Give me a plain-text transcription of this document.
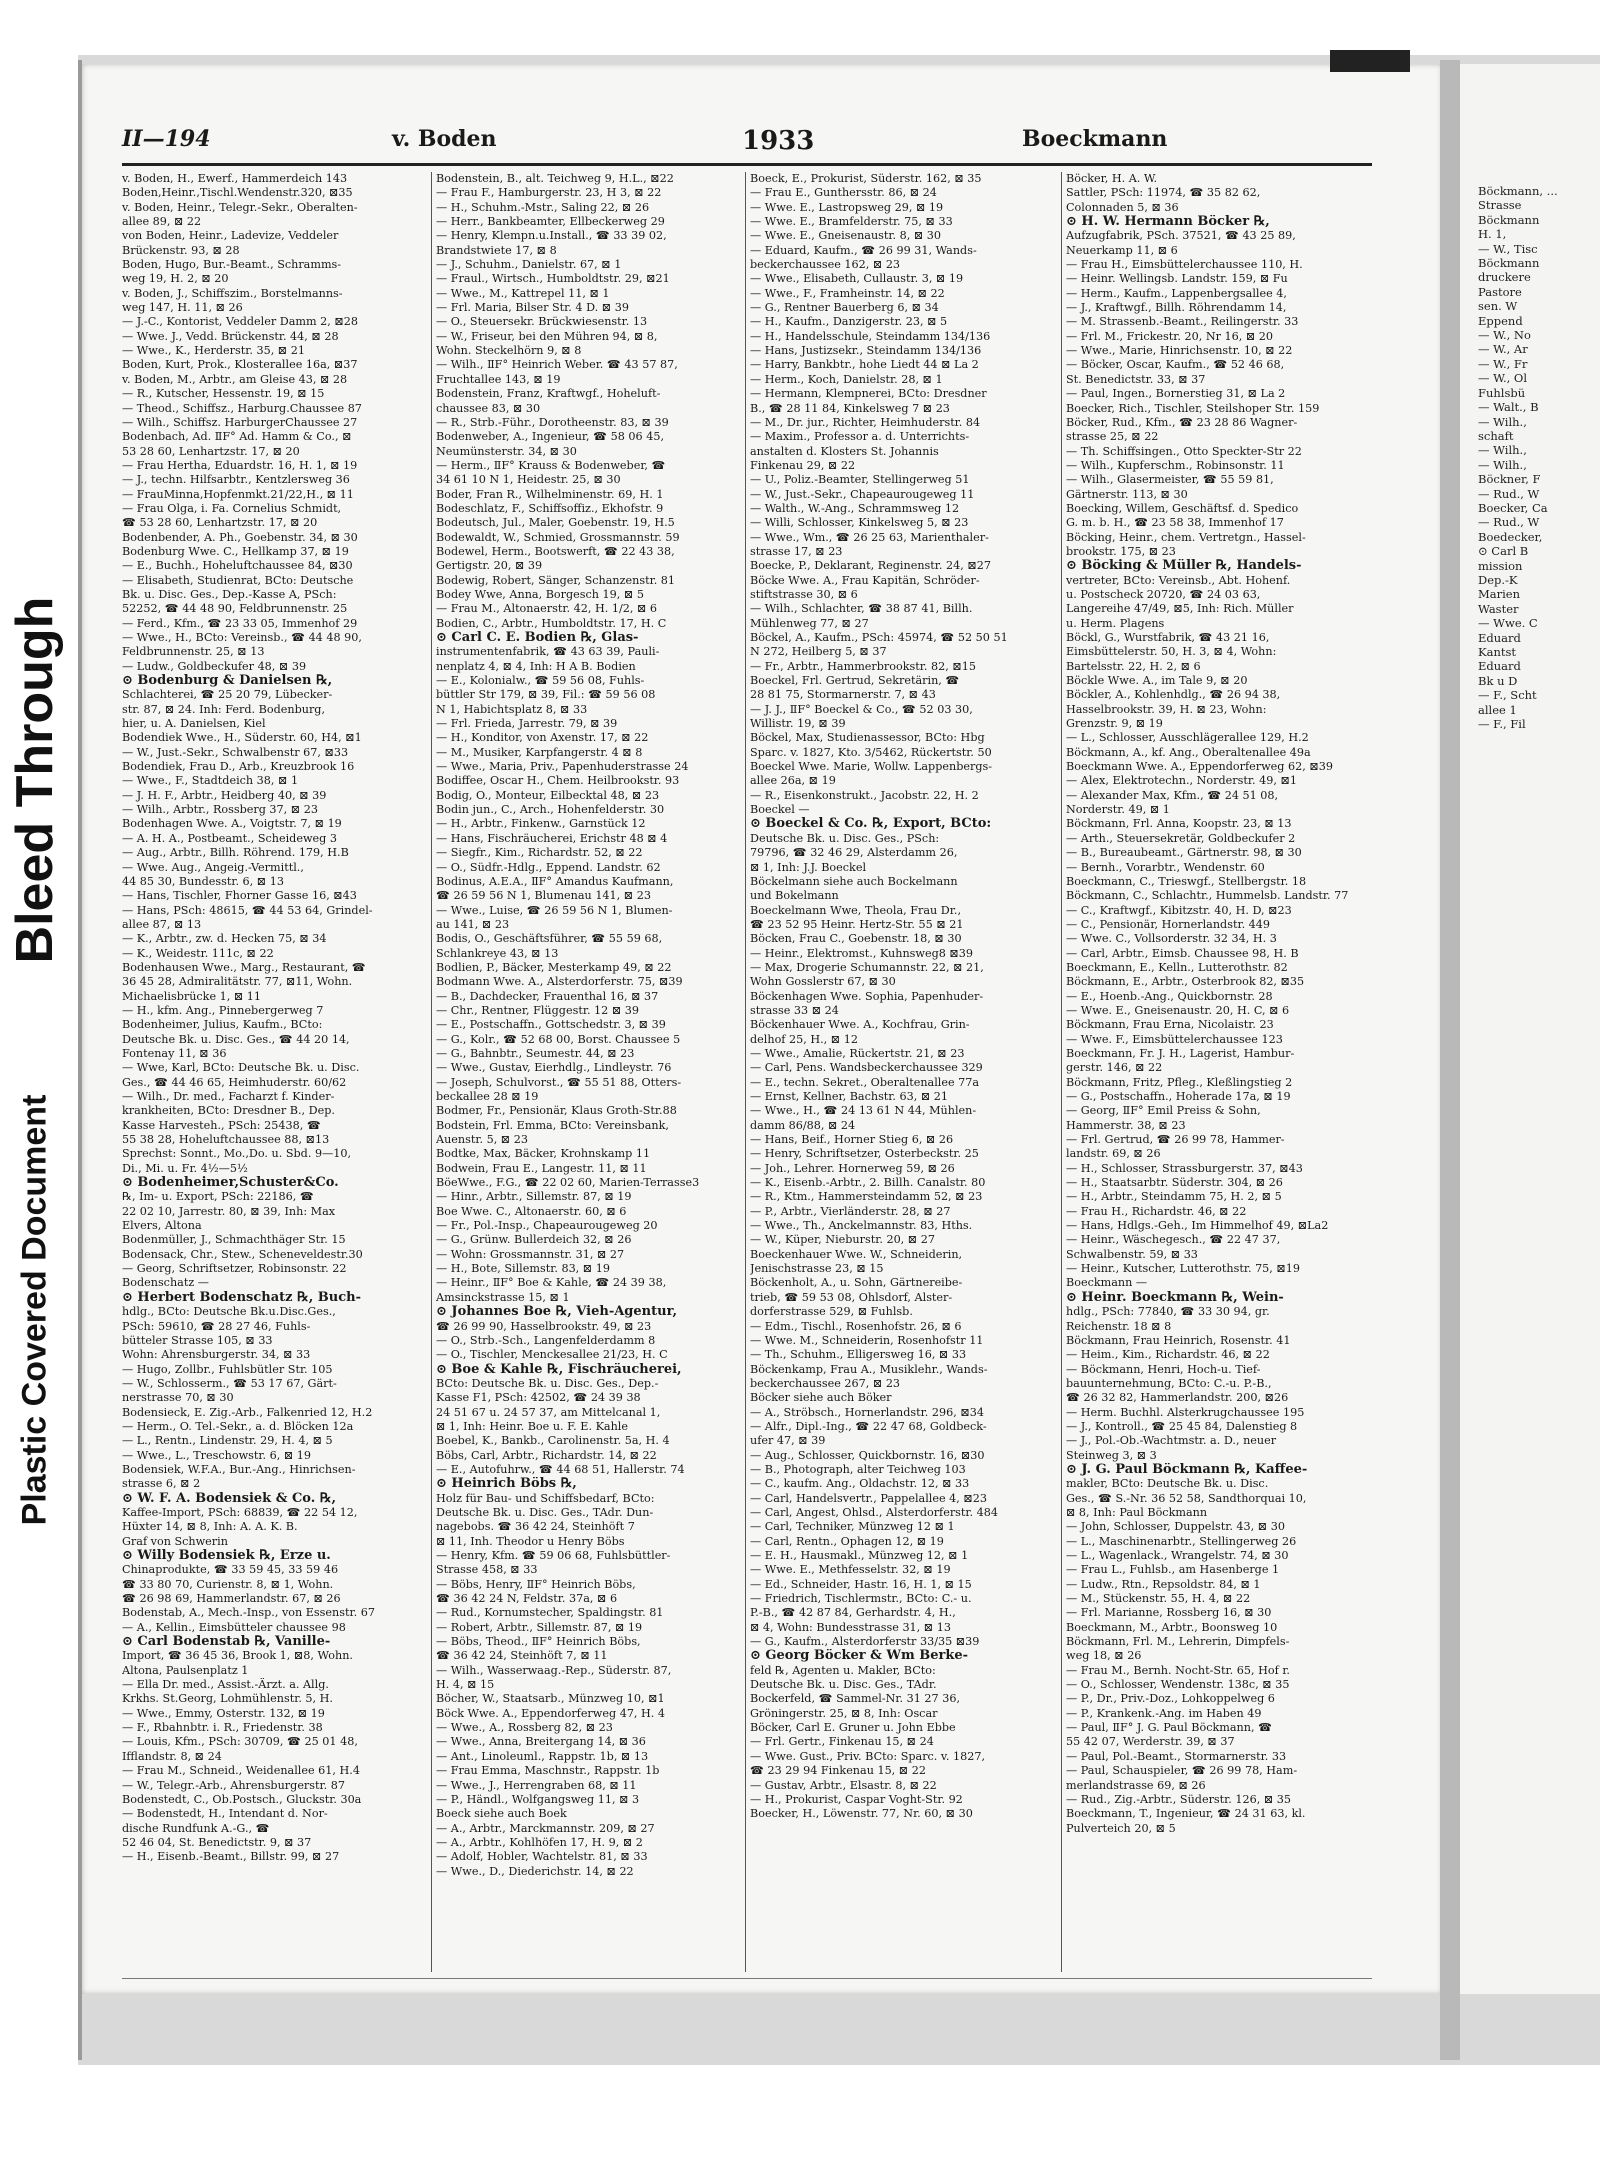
Bleed Through
Plastic Covered Document
Böckmann, ...
Strasse
Böckmann
H. 1,
— W., Tisc
Böckmann
druckere
Pastore
sen. W
Eppend
— W., No
— W., Ar
— W., Fr
— W., Ol
Fuhlsbü
— Walt., B
— Wilh.,
schaft
— Wilh.,
— Wilh.,
Böckner, F
— Rud., W
Boecker, Ca
— Rud., W
Boedecker,
⊙ Carl B
mission
Dep.-K
Marien
Waster
— Wwe. C
Eduard
Kantst
Eduard
Bk u D
— F., Scht
allee 1
— F., Fil
II—194	v. Boden	1933	Boeckmann
v. Boden, H., Ewerf., Hammerdeich 143
Boden,Heinr.,Tischl.Wendenstr.320, ⊠35
v. Boden, Heinr., Telegr.-Sekr., Oberalten-
allee 89, ⊠ 22
von Boden, Heinr., Ladevize, Veddeler
Brückenstr. 93, ⊠ 28
Boden, Hugo, Bur.-Beamt., Schramms-
weg 19, H. 2, ⊠ 20
v. Boden, J., Schiffszim., Borstelmanns-
weg 147, H. 11, ⊠ 26
— J.-C., Kontorist, Veddeler Damm 2, ⊠28
— Wwe. J., Vedd. Brückenstr. 44, ⊠ 28
— Wwe., K., Herderstr. 35, ⊠ 21
Boden, Kurt, Prok., Klosterallee 16a, ⊠37
v. Boden, M., Arbtr., am Gleise 43, ⊠ 28
— R., Kutscher, Hessenstr. 19, ⊠ 15
— Theod., Schiffsz., Harburg.Chaussee 87
— Wilh., Schiffsz. HarburgerChaussee 27
Bodenbach, Ad. ⅡF° Ad. Hamm & Co., ⊠
53 28 60, Lenhartzstr. 17, ⊠ 20
— Frau Hertha, Eduardstr. 16, H. 1, ⊠ 19
— J., techn. Hilfsarbtr., Kentzlersweg 36
— FrauMinna,Hopfenmkt.21/22,H., ⊠ 11
— Frau Olga, i. Fa. Cornelius Schmidt,
☎ 53 28 60, Lenhartzstr. 17, ⊠ 20
Bodenbender, A. Ph., Goebenstr. 34, ⊠ 30
Bodenburg Wwe. C., Hellkamp 37, ⊠ 19
— E., Buchh., Hoheluftchaussee 84, ⊠30
— Elisabeth, Studienrat, BCto: Deutsche
Bk. u. Disc. Ges., Dep.-Kasse A, PSch:
52252, ☎ 44 48 90, Feldbrunnenstr. 25
— Ferd., Kfm., ☎ 23 33 05, Immenhof 29
— Wwe., H., BCto: Vereinsb., ☎ 44 48 90,
Feldbrunnenstr. 25, ⊠ 13
— Ludw., Goldbeckufer 48, ⊠ 39
⊙ Bodenburg & Danielsen ℞,
Schlachterei, ☎ 25 20 79, Lübecker-
str. 87, ⊠ 24. Inh: Ferd. Bodenburg,
hier, u. A. Danielsen, Kiel
Bodendiek Wwe., H., Süderstr. 60, H4, ⊠1
— W., Just.-Sekr., Schwalbenstr 67, ⊠33
Bodendiek, Frau D., Arb., Kreuzbrook 16
— Wwe., F., Stadtdeich 38, ⊠ 1
— J. H. F., Arbtr., Heidberg 40, ⊠ 39
— Wilh., Arbtr., Rossberg 37, ⊠ 23
Bodenhagen Wwe. A., Voigtstr. 7, ⊠ 19
— A. H. A., Postbeamt., Scheideweg 3
— Aug., Arbtr., Billh. Röhrend. 179, H.B
— Wwe. Aug., Angeig.-Vermittl.,
44 85 30, Bundesstr. 6, ⊠ 13
— Hans, Tischler, Fhorner Gasse 16, ⊠43
— Hans, PSch: 48615, ☎ 44 53 64, Grindel-
allee 87, ⊠ 13
— K., Arbtr., zw. d. Hecken 75, ⊠ 34
— K., Weidestr. 111c, ⊠ 22
Bodenhausen Wwe., Marg., Restaurant, ☎
36 45 28, Admiralitätstr. 77, ⊠11, Wohn.
Michaelisbrücke 1, ⊠ 11
— H., kfm. Ang., Pinnebergerweg 7
Bodenheimer, Julius, Kaufm., BCto:
Deutsche Bk. u. Disc. Ges., ☎ 44 20 14,
Fontenay 11, ⊠ 36
— Wwe, Karl, BCto: Deutsche Bk. u. Disc.
Ges., ☎ 44 46 65, Heimhuderstr. 60/62
— Wilh., Dr. med., Facharzt f. Kinder-
krankheiten, BCto: Dresdner B., Dep.
Kasse Harvesteh., PSch: 25438, ☎
55 38 28, Hoheluftchaussee 88, ⊠13
Sprechst: Sonnt., Mo.,Do. u. Sbd. 9—10,
Di., Mi. u. Fr. 4½—5½
⊙ Bodenheimer,Schuster&Co.
℞, Im- u. Export, PSch: 22186, ☎
22 02 10, Jarrestr. 80, ⊠ 39, Inh: Max
Elvers, Altona
Bodenmüller, J., Schmachthäger Str. 15
Bodensack, Chr., Stew., Scheneveldestr.30
— Georg, Schriftsetzer, Robinsonstr. 22
Bodenschatz —
⊙ Herbert Bodenschatz ℞, Buch-
hdlg., BCto: Deutsche Bk.u.Disc.Ges.,
PSch: 59610, ☎ 28 27 46, Fuhls-
bütteler Strasse 105, ⊠ 33
Wohn: Ahrensburgerstr. 34, ⊠ 33
— Hugo, Zollbr., Fuhlsbütler Str. 105
— W., Schlosserm., ☎ 53 17 67, Gärt-
nerstrasse 70, ⊠ 30
Bodensieck, E. Zig.-Arb., Falkenried 12, H.2
— Herm., O. Tel.-Sekr., a. d. Blöcken 12a
— L., Rentn., Lindenstr. 29, H. 4, ⊠ 5
— Wwe., L., Treschowstr. 6, ⊠ 19
Bodensiek, W.F.A., Bur.-Ang., Hinrichsen-
strasse 6, ⊠ 2
⊙ W. F. A. Bodensiek & Co. ℞,
Kaffee-Import, PSch: 68839, ☎ 22 54 12,
Hüxter 14, ⊠ 8, Inh: A. A. K. B.
Graf von Schwerin
⊙ Willy Bodensiek ℞, Erze u.
Chinaprodukte, ☎ 33 59 45, 33 59 46
☎ 33 80 70, Curienstr. 8, ⊠ 1, Wohn.
☎ 26 98 69, Hammerlandstr. 67, ⊠ 26
Bodenstab, A., Mech.-Insp., von Essenstr. 67
— A., Kellin., Eimsbütteler chaussee 98
⊙ Carl Bodenstab ℞, Vanille-
Import, ☎ 36 45 36, Brook 1, ⊠8, Wohn.
Altona, Paulsenplatz 1
— Ella Dr. med., Assist.-Ärzt. a. Allg.
Krkhs. St.Georg, Lohmühlenstr. 5, H.
— Wwe., Emmy, Osterstr. 132, ⊠ 19
— F., Rbahnbtr. i. R., Friedenstr. 38
— Louis, Kfm., PSch: 30709, ☎ 25 01 48,
Ifflandstr. 8, ⊠ 24
— Frau M., Schneid., Weidenallee 61, H.4
— W., Telegr.-Arb., Ahrensburgerstr. 87
Bodenstedt, C., Ob.Postsch., Gluckstr. 30a
— Bodenstedt, H., Intendant d. Nor-
dische Rundfunk A.-G., ☎
52 46 04, St. Benedictstr. 9, ⊠ 37
— H., Eisenb.-Beamt., Billstr. 99, ⊠ 27
Bodenstein, B., alt. Teichweg 9, H.L., ⊠22
— Frau F., Hamburgerstr. 23, H 3, ⊠ 22
— H., Schuhm.-Mstr., Saling 22, ⊠ 26
— Herr., Bankbeamter, Ellbeckerweg 29
— Henry, Klempn.u.Install., ☎ 33 39 02,
Brandstwiete 17, ⊠ 8
— J., Schuhm., Danielstr. 67, ⊠ 1
— Fraul., Wirtsch., Humboldtstr. 29, ⊠21
— Wwe., M., Kattrepel 11, ⊠ 1
— Frl. Maria, Bilser Str. 4 D. ⊠ 39
— O., Steuersekr. Brückwiesenstr. 13
— W., Friseur, bei den Mühren 94, ⊠ 8,
Wohn. Steckelhörn 9, ⊠ 8
— Wilh., ⅡF° Heinrich Weber. ☎ 43 57 87,
Fruchtallee 143, ⊠ 19
Bodenstein, Franz, Kraftwgf., Hoheluft-
chaussee 83, ⊠ 30
— R., Strb.-Führ., Dorotheenstr. 83, ⊠ 39
Bodenweber, A., Ingenieur, ☎ 58 06 45,
Neumünsterstr. 34, ⊠ 30
— Herm., ⅡF° Krauss & Bodenweber, ☎
34 61 10 N 1, Heidestr. 25, ⊠ 30
Boder, Fran R., Wilhelminenstr. 69, H. 1
Bodeschlatz, F., Schiffsoffiz., Ekhofstr. 9
Bodeutsch, Jul., Maler, Goebenstr. 19, H.5
Bodewaldt, W., Schmied, Grossmannstr. 59
Bodewel, Herm., Bootswerft, ☎ 22 43 38,
Gertigstr. 20, ⊠ 39
Bodewig, Robert, Sänger, Schanzenstr. 81
Bodey Wwe, Anna, Borgesch 19, ⊠ 5
— Frau M., Altonaerstr. 42, H. 1/2, ⊠ 6
Bodien, C., Arbtr., Humboldtstr. 17, H. C
⊙ Carl C. E. Bodien ℞, Glas-
instrumentenfabrik, ☎ 43 63 39, Pauli-
nenplatz 4, ⊠ 4, Inh: H A B. Bodien
— E., Kolonialw., ☎ 59 56 08, Fuhls-
büttler Str 179, ⊠ 39, Fil.: ☎ 59 56 08
N 1, Habichtsplatz 8, ⊠ 33
— Frl. Frieda, Jarrestr. 79, ⊠ 39
— H., Konditor, von Axenstr. 17, ⊠ 22
— M., Musiker, Karpfangerstr. 4 ⊠ 8
— Wwe., Maria, Priv., Papenhuderstrasse 24
Bodiffee, Oscar H., Chem. Heilbrookstr. 93
Bodig, O., Monteur, Eilbecktal 48, ⊠ 23
Bodin jun., C., Arch., Hohenfelderstr. 30
— H., Arbtr., Finkenw., Garnstück 12
— Hans, Fischräucherei, Erichstr 48 ⊠ 4
— Siegfr., Kim., Richardstr. 52, ⊠ 22
— O., Südfr.-Hdlg., Eppend. Landstr. 62
Bodinus, A.E.A., ⅡF° Amandus Kaufmann,
☎ 26 59 56 N 1, Blumenau 141, ⊠ 23
— Wwe., Luise, ☎ 26 59 56 N 1, Blumen-
au 141, ⊠ 23
Bodis, O., Geschäftsführer, ☎ 55 59 68,
Schlankreye 43, ⊠ 13
Bodlien, P., Bäcker, Mesterkamp 49, ⊠ 22
Bodmann Wwe. A., Alsterdorferstr. 75, ⊠39
— B., Dachdecker, Frauenthal 16, ⊠ 37
— Chr., Rentner, Flüggestr. 12 ⊠ 39
— E., Postschaffn., Gottschedstr. 3, ⊠ 39
— G., Kolr., ☎ 52 68 00, Borst. Chaussee 5
— G., Bahnbtr., Seumestr. 44, ⊠ 23
— Wwe., Gustav, Eierhdlg., Lindleystr. 76
— Joseph, Schulvorst., ☎ 55 51 88, Otters-
beckallee 28 ⊠ 19
Bodmer, Fr., Pensionär, Klaus Groth-Str.88
Bodstein, Frl. Emma, BCto: Vereinsbank,
Auenstr. 5, ⊠ 23
Bodtke, Max, Bäcker, Krohnskamp 11
Bodwein, Frau E., Langestr. 11, ⊠ 11
BöeWwe., F.G., ☎ 22 02 60, Marien-Terrasse3
— Hinr., Arbtr., Sillemstr. 87, ⊠ 19
Boe Wwe. C., Altonaerstr. 60, ⊠ 6
— Fr., Pol.-Insp., Chapeaurougeweg 20
— G., Grünw. Bullerdeich 32, ⊠ 26
— Wohn: Grossmannstr. 31, ⊠ 27
— H., Bote, Sillemstr. 83, ⊠ 19
— Heinr., ⅡF° Boe & Kahle, ☎ 24 39 38,
Amsinckstrasse 15, ⊠ 1
⊙ Johannes Boe ℞, Vieh-Agentur,
☎ 26 99 90, Hasselbrookstr. 49, ⊠ 23
— O., Strb.-Sch., Langenfelderdamm 8
— O., Tischler, Menckesallee 21/23, H. C
⊙ Boe & Kahle ℞, Fischräucherei,
BCto: Deutsche Bk. u. Disc. Ges., Dep.-
Kasse F1, PSch: 42502, ☎ 24 39 38
24 51 67 u. 24 57 37, am Mittelcanal 1,
⊠ 1, Inh: Heinr. Boe u. F. E. Kahle
Boebel, K., Bankb., Carolinenstr. 5a, H. 4
Böbs, Carl, Arbtr., Richardstr. 14, ⊠ 22
— E., Autofuhrw., ☎ 44 68 51, Hallerstr. 74
⊙ Heinrich Böbs ℞,
Holz für Bau- und Schiffsbedarf, BCto:
Deutsche Bk. u. Disc. Ges., TAdr. Dun-
nagebobs. ☎ 36 42 24, Steinhöft 7
⊠ 11, Inh. Theodor u Henry Böbs
— Henry, Kfm. ☎ 59 06 68, Fuhlsbüttler-
Strasse 458, ⊠ 33
— Böbs, Henry, ⅡF° Heinrich Böbs,
☎ 36 42 24 N, Feldstr. 37a, ⊠ 6
— Rud., Kornumstecher, Spaldingstr. 81
— Robert, Arbtr., Sillemstr. 87, ⊠ 19
— Böbs, Theod., ⅡF° Heinrich Böbs,
☎ 36 42 24, Steinhöft 7, ⊠ 11
— Wilh., Wasserwaag.-Rep., Süderstr. 87,
H. 4, ⊠ 15
Böcher, W., Staatsarb., Münzweg 10, ⊠1
Böck Wwe. A., Eppendorferweg 47, H. 4
— Wwe., A., Rossberg 82, ⊠ 23
— Wwe., Anna, Breitergang 14, ⊠ 36
— Ant., Linoleuml., Rappstr. 1b, ⊠ 13
— Frau Emma, Maschnstr., Rappstr. 1b
— Wwe., J., Herrengraben 68, ⊠ 11
— P., Händl., Wolfgangsweg 11, ⊠ 3
Boeck siehe auch Boek
— A., Arbtr., Marckmannstr. 209, ⊠ 27
— A., Arbtr., Kohlhöfen 17, H. 9, ⊠ 2
— Adolf, Hobler, Wachtelstr. 81, ⊠ 33
— Wwe., D., Diederichstr. 14, ⊠ 22
Boeck, E., Prokurist, Süderstr. 162, ⊠ 35
— Frau E., Gunthersstr. 86, ⊠ 24
— Wwe. E., Lastropsweg 29, ⊠ 19
— Wwe. E., Bramfelderstr. 75, ⊠ 33
— Wwe. E., Gneisenaustr. 8, ⊠ 30
— Eduard, Kaufm., ☎ 26 99 31, Wands-
beckerchaussee 162, ⊠ 23
— Wwe., Elisabeth, Cullaustr. 3, ⊠ 19
— Wwe., F., Framheinstr. 14, ⊠ 22
— G., Rentner Bauerberg 6, ⊠ 34
— H., Kaufm., Danzigerstr. 23, ⊠ 5
— H., Handelsschule, Steindamm 134/136
— Hans, Justizsekr., Steindamm 134/136
— Harry, Bankbtr., hohe Liedt 44 ⊠ La 2
— Herm., Koch, Danielstr. 28, ⊠ 1
— Hermann, Klempnerei, BCto: Dresdner
B., ☎ 28 11 84, Kinkelsweg 7 ⊠ 23
— M., Dr. jur., Richter, Heimhuderstr. 84
— Maxim., Professor a. d. Unterrichts-
anstalten d. Klosters St. Johannis
Finkenau 29, ⊠ 22
— U., Poliz.-Beamter, Stellingerweg 51
— W., Just.-Sekr., Chapeaurougeweg 11
— Walth., W.-Ang., Schrammsweg 12
— Willi, Schlosser, Kinkelsweg 5, ⊠ 23
— Wwe., Wm., ☎ 26 25 63, Marienthaler-
strasse 17, ⊠ 23
Boecke, P., Deklarant, Reginenstr. 24, ⊠27
Böcke Wwe. A., Frau Kapitän, Schröder-
stiftstrasse 30, ⊠ 6
— Wilh., Schlachter, ☎ 38 87 41, Billh.
Mühlenweg 77, ⊠ 27
Böckel, A., Kaufm., PSch: 45974, ☎ 52 50 51
N 272, Heilberg 5, ⊠ 37
— Fr., Arbtr., Hammerbrookstr. 82, ⊠15
Boeckel, Frl. Gertrud, Sekretärin, ☎
28 81 75, Stormarnerstr. 7, ⊠ 43
— J. J., ⅡF° Boeckel & Co., ☎ 52 03 30,
Willistr. 19, ⊠ 39
Böckel, Max, Studienassessor, BCto: Hbg
Sparc. v. 1827, Kto. 3/5462, Rückertstr. 50
Boeckel Wwe. Marie, Wollw. Lappenbergs-
allee 26a, ⊠ 19
— R., Eisenkonstrukt., Jacobstr. 22, H. 2
Boeckel —
⊙ Boeckel & Co. ℞, Export, BCto:
Deutsche Bk. u. Disc. Ges., PSch:
79796, ☎ 32 46 29, Alsterdamm 26,
⊠ 1, Inh: J.J. Boeckel
Böckelmann siehe auch Bockelmann
und Bokelmann
Boeckelmann Wwe, Theola, Frau Dr.,
☎ 23 52 95 Heinr. Hertz-Str. 55 ⊠ 21
Böcken, Frau C., Goebenstr. 18, ⊠ 30
— Heinr., Elektromst., Kuhnsweg8 ⊠39
— Max, Drogerie Schumannstr. 22, ⊠ 21,
Wohn Gosslerstr 67, ⊠ 30
Böckenhagen Wwe. Sophia, Papenhuder-
strasse 33 ⊠ 24
Böckenhauer Wwe. A., Kochfrau, Grin-
delhof 25, H., ⊠ 12
— Wwe., Amalie, Rückertstr. 21, ⊠ 23
— Carl, Pens. Wandsbeckerchaussee 329
— E., techn. Sekret., Oberaltenallee 77a
— Ernst, Kellner, Bachstr. 63, ⊠ 21
— Wwe., H., ☎ 24 13 61 N 44, Mühlen-
damm 86/88, ⊠ 24
— Hans, Beif., Horner Stieg 6, ⊠ 26
— Henry, Schriftsetzer, Osterbeckstr. 25
— Joh., Lehrer. Hornerweg 59, ⊠ 26
— K., Eisenb.-Arbtr., 2. Billh. Canalstr. 80
— R., Ktm., Hammersteindamm 52, ⊠ 23
— P., Arbtr., Vierländerstr. 28, ⊠ 27
— Wwe., Th., Anckelmannstr. 83, Hths.
— W., Küper, Nieburstr. 20, ⊠ 27
Boeckenhauer Wwe. W., Schneiderin,
Jenischstrasse 23, ⊠ 15
Böckenholt, A., u. Sohn, Gärtnereibe-
trieb, ☎ 59 53 08, Ohlsdorf, Alster-
dorferstrasse 529, ⊠ Fuhlsb.
— Edm., Tischl., Rosenhofstr. 26, ⊠ 6
— Wwe. M., Schneiderin, Rosenhofstr 11
— Th., Schuhm., Elligersweg 16, ⊠ 33
Böckenkamp, Frau A., Musiklehr., Wands-
beckerchaussee 267, ⊠ 23
Böcker siehe auch Böker
— A., Ströbsch., Hornerlandstr. 296, ⊠34
— Alfr., Dipl.-Ing., ☎ 22 47 68, Goldbeck-
ufer 47, ⊠ 39
— Aug., Schlosser, Quickbornstr. 16, ⊠30
— B., Photograph, alter Teichweg 103
— C., kaufm. Ang., Oldachstr. 12, ⊠ 33
— Carl, Handelsvertr., Pappelallee 4, ⊠23
— Carl, Angest, Ohlsd., Alsterdorferstr. 484
— Carl, Techniker, Münzweg 12 ⊠ 1
— Carl, Rentn., Ophagen 12, ⊠ 19
— E. H., Hausmakl., Münzweg 12, ⊠ 1
— Wwe. E., Methfesselstr. 32, ⊠ 19
— Ed., Schneider, Hastr. 16, H. 1, ⊠ 15
— Friedrich, Tischlermstr., BCto: C.- u.
P.-B., ☎ 42 87 84, Gerhardstr. 4, H.,
⊠ 4, Wohn: Bundesstrasse 31, ⊠ 13
— G., Kaufm., Alsterdorferstr 33/35 ⊠39
⊙ Georg Böcker & Wm Berke-
feld ℞, Agenten u. Makler, BCto:
Deutsche Bk. u. Disc. Ges., TAdr.
Bockerfeld, ☎ Sammel-Nr. 31 27 36,
Gröningerstr. 25, ⊠ 8, Inh: Oscar
Böcker, Carl E. Gruner u. John Ebbe
— Frl. Gertr., Finkenau 15, ⊠ 24
— Wwe. Gust., Priv. BCto: Sparc. v. 1827,
☎ 23 29 94 Finkenau 15, ⊠ 22
— Gustav, Arbtr., Elsastr. 8, ⊠ 22
— H., Prokurist, Caspar Voght-Str. 92
Boecker, H., Löwenstr. 77, Nr. 60, ⊠ 30
Böcker, H. A. W.
Sattler, PSch: 11974, ☎ 35 82 62,
Colonnaden 5, ⊠ 36
⊙ H. W. Hermann Böcker ℞,
Aufzugfabrik, PSch. 37521, ☎ 43 25 89,
Neuerkamp 11, ⊠ 6
— Frau H., Eimsbüttelerchaussee 110, H.
— Heinr. Wellingsb. Landstr. 159, ⊠ Fu
— Herm., Kaufm., Lappenbergsallee 4,
— J., Kraftwgf., Billh. Röhrendamm 14,
— M. Strassenb.-Beamt., Reilingerstr. 33
— Frl. M., Frickestr. 20, Nr 16, ⊠ 20
— Wwe., Marie, Hinrichsenstr. 10, ⊠ 22
— Böcker, Oscar, Kaufm., ☎ 52 46 68,
St. Benedictstr. 33, ⊠ 37
— Paul, Ingen., Bornerstieg 31, ⊠ La 2
Boecker, Rich., Tischler, Steilshoper Str. 159
Böcker, Rud., Kfm., ☎ 23 28 86 Wagner-
strasse 25, ⊠ 22
— Th. Schiffsingen., Otto Speckter-Str 22
— Wilh., Kupferschm., Robinsonstr. 11
— Wilh., Glasermeister, ☎ 55 59 81,
Gärtnerstr. 113, ⊠ 30
Boecking, Willem, Geschäftsf. d. Spedico
G. m. b. H., ☎ 23 58 38, Immenhof 17
Böcking, Heinr., chem. Vertretgn., Hassel-
brookstr. 175, ⊠ 23
⊙ Böcking & Müller ℞, Handels-
vertreter, BCto: Vereinsb., Abt. Hohenf.
u. Postscheck 20720, ☎ 24 03 63,
Langereihe 47/49, ⊠5, Inh: Rich. Müller
u. Herm. Plagens
Böckl, G., Wurstfabrik, ☎ 43 21 16,
Eimsbüttelerstr. 50, H. 3, ⊠ 4, Wohn:
Bartelsstr. 22, H. 2, ⊠ 6
Böckle Wwe. A., im Tale 9, ⊠ 20
Böckler, A., Kohlenhdlg., ☎ 26 94 38,
Hasselbrookstr. 39, H. ⊠ 23, Wohn:
Grenzstr. 9, ⊠ 19
— L., Schlosser, Ausschlägerallee 129, H.2
Böckmann, A., kf. Ang., Oberaltenallee 49a
Boeckmann Wwe. A., Eppendorferweg 62, ⊠39
— Alex, Elektrotechn., Norderstr. 49, ⊠1
— Alexander Max, Kfm., ☎ 24 51 08,
Norderstr. 49, ⊠ 1
Böckmann, Frl. Anna, Koopstr. 23, ⊠ 13
— Arth., Steuersekretär, Goldbeckufer 2
— B., Bureaubeamt., Gärtnerstr. 98, ⊠ 30
— Bernh., Vorarbtr., Wendenstr. 60
Boeckmann, C., Trieswgf., Stellbergstr. 18
Böckmann, C., Schlachtr., Hummelsb. Landstr. 77
— C., Kraftwgf., Kibitzstr. 40, H. D, ⊠23
— C., Pensionär, Hornerlandstr. 449
— Wwe. C., Vollsorderstr. 32 34, H. 3
— Carl, Arbtr., Eimsb. Chaussee 98, H. B
Boeckmann, E., Kelln., Lutterothstr. 82
Böckmann, E., Arbtr., Osterbrook 82, ⊠35
— E., Hoenb.-Ang., Quickbornstr. 28
— Wwe. E., Gneisenaustr. 20, H. C, ⊠ 6
Böckmann, Frau Erna, Nicolaistr. 23
— Wwe. F., Eimsbüttelerchaussee 123
Boeckmann, Fr. J. H., Lagerist, Hambur-
gerstr. 146, ⊠ 22
Böckmann, Fritz, Pfleg., Kleßlingstieg 2
— G., Postschaffn., Hoherade 17a, ⊠ 19
— Georg, ⅡF° Emil Preiss & Sohn,
Hammerstr. 38, ⊠ 23
— Frl. Gertrud, ☎ 26 99 78, Hammer-
landstr. 69, ⊠ 26
— H., Schlosser, Strassburgerstr. 37, ⊠43
— H., Staatsarbtr. Süderstr. 304, ⊠ 26
— H., Arbtr., Steindamm 75, H. 2, ⊠ 5
— Frau H., Richardstr. 46, ⊠ 22
— Hans, Hdlgs.-Geh., Im Himmelhof 49, ⊠La2
— Heinr., Wäschegesch., ☎ 22 47 37,
Schwalbenstr. 59, ⊠ 33
— Heinr., Kutscher, Lutterothstr. 75, ⊠19
Boeckmann —
⊙ Heinr. Boeckmann ℞, Wein-
hdlg., PSch: 77840, ☎ 33 30 94, gr.
Reichenstr. 18 ⊠ 8
Böckmann, Frau Heinrich, Rosenstr. 41
— Heim., Kim., Richardstr. 46, ⊠ 22
— Böckmann, Henri, Hoch-u. Tief-
bauunternehmung, BCto: C.-u. P.-B.,
☎ 26 32 82, Hammerlandstr. 200, ⊠26
— Herm. Buchhl. Alsterkrugchaussee 195
— J., Kontroll., ☎ 25 45 84, Dalenstieg 8
— J., Pol.-Ob.-Wachtmstr. a. D., neuer
Steinweg 3, ⊠ 3
⊙ J. G. Paul Böckmann ℞, Kaffee-
makler, BCto: Deutsche Bk. u. Disc.
Ges., ☎ S.-Nr. 36 52 58, Sandthorquai 10,
⊠ 8, Inh: Paul Böckmann
— John, Schlosser, Duppelstr. 43, ⊠ 30
— L., Maschinenarbtr., Stellingerweg 26
— L., Wagenlack., Wrangelstr. 74, ⊠ 30
— Frau L., Fuhlsb., am Hasenberge 1
— Ludw., Rtn., Repsoldstr. 84, ⊠ 1
— M., Stückenstr. 55, H. 4, ⊠ 22
— Frl. Marianne, Rossberg 16, ⊠ 30
Boeckmann, M., Arbtr., Boonsweg 10
Böckmann, Frl. M., Lehrerin, Dimpfels-
weg 18, ⊠ 26
— Frau M., Bernh. Nocht-Str. 65, Hof r.
— O., Schlosser, Wendenstr. 138c, ⊠ 35
— P., Dr., Priv.-Doz., Lohkoppelweg 6
— P., Krankenk.-Ang. im Haben 49
— Paul, ⅡF° J. G. Paul Böckmann, ☎
55 42 07, Werderstr. 39, ⊠ 37
— Paul, Pol.-Beamt., Stormarnerstr. 33
— Paul, Schauspieler, ☎ 26 99 78, Ham-
merlandstrasse 69, ⊠ 26
— Rud., Zig.-Arbtr., Süderstr. 126, ⊠ 35
Boeckmann, T., Ingenieur, ☎ 24 31 63, kl.
Pulverteich 20, ⊠ 5
